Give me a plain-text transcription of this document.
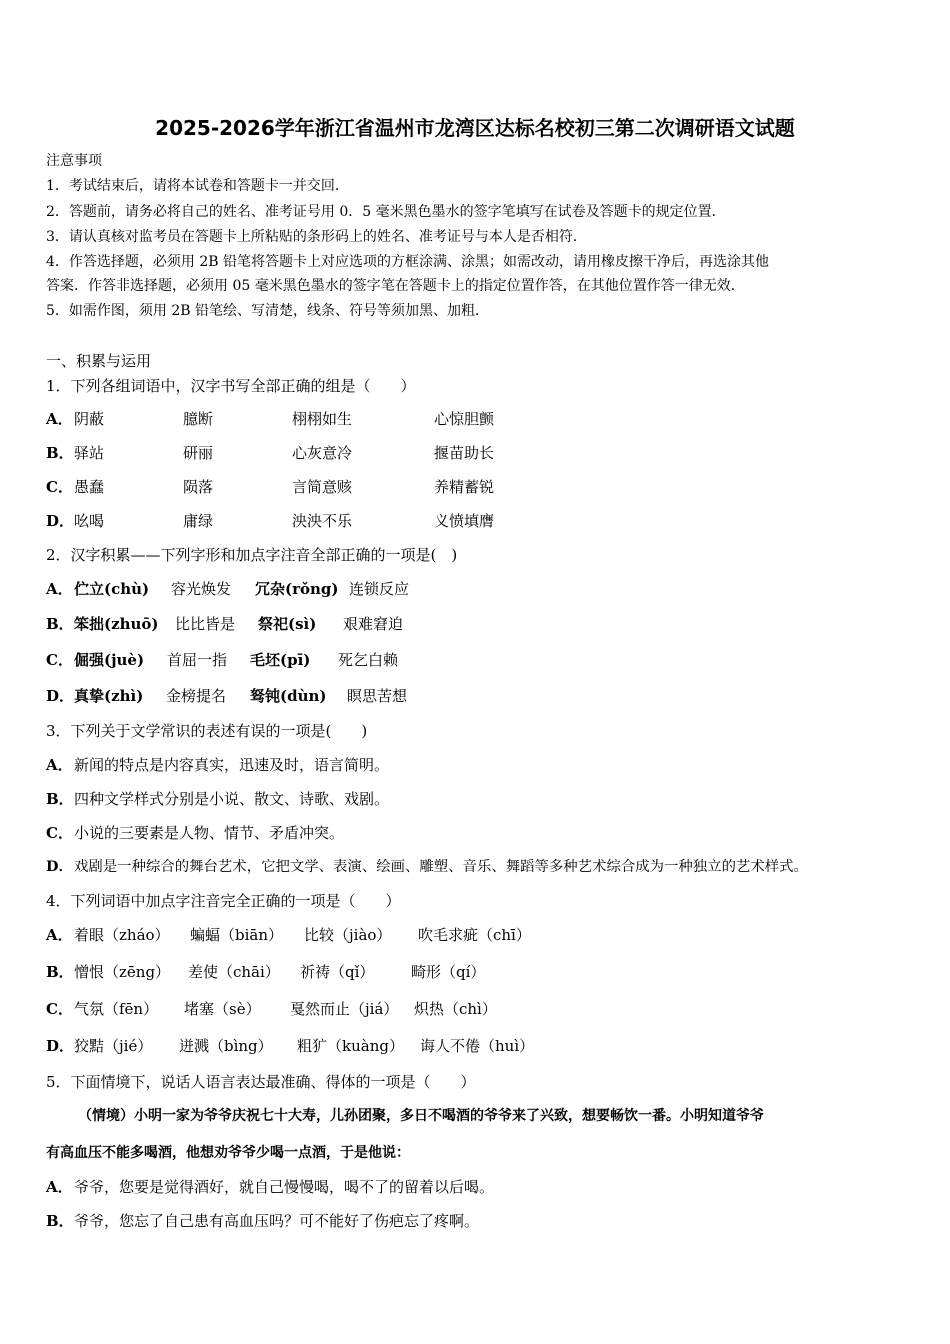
2025-2026学年浙江省温州市龙湾区达标名校初三第二次调研语文试题
注意事项
1．考试结束后，请将本试卷和答题卡一并交回．
2．答题前，请务必将自己的姓名、准考证号用 0．5 毫米黑色墨水的签字笔填写在试卷及答题卡的规定位置．
3．请认真核对监考员在答题卡上所粘贴的条形码上的姓名、准考证号与本人是否相符．
4．作答选择题，必须用 2B 铅笔将答题卡上对应选项的方框涂满、涂黑；如需改动，请用橡皮擦干净后，再选涂其他
答案．作答非选择题，必须用 05 毫米黑色墨水的签字笔在答题卡上的指定位置作答，在其他位置作答一律无效．
5．如需作图，须用 2B 铅笔绘、写清楚，线条、符号等须加黑、加粗．
一、积累与运用
1．下列各组词语中，汉字书写全部正确的组是（　　）
A． 阴蔽	臆断	栩栩如生	心惊胆颤
B． 驿站	研丽	心灰意冷	揠苗助长
C． 愚蠢	陨落	言简意赅	养精蓄锐
D． 吆喝	庸绿	泱泱不乐	义愤填膺
2．汉字积累——下列字形和加点字注音全部正确的一项是(　)
A． 伫立(chù) 容光焕发 冗杂(rǒng) 连锁反应
B． 笨拙(zhuō) 比比皆是 祭祀(sì) 艰难窘迫
C． 倔强(juè) 首屈一指 毛坯(pī) 死乞白赖
D． 真挚(zhì) 金榜提名 驽钝(dùn) 瞑思苦想
3．下列关于文学常识的表述有误的一项是(　　)
A．新闻的特点是内容真实，迅速及时，语言简明。
B．四种文学样式分别是小说、散文、诗歌、戏剧。
C．小说的三要素是人物、情节、矛盾冲突。
D．戏剧是一种综合的舞台艺术，它把文学、表演、绘画、雕塑、音乐、舞蹈等多种艺术综合成为一种独立的艺术样式。
4．下列词语中加点字注音完全正确的一项是（　　）
A． 着眼（zháo） 蝙蝠（biān） 比较（jiào） 吹毛求疵（chī）
B． 憎恨（zēng） 差使（chāi） 祈祷（qǐ） 畸形（qí）
C． 气氛（fēn） 堵塞（sè） 戛然而止（jiá） 炽热（chì）
D． 狡黠（jié） 迸溅（bìng） 粗犷（kuàng） 诲人不倦（huì）
5．下面情境下，说话人语言表达最准确、得体的一项是（　　）
（情境）小明一家为爷爷庆祝七十大寿，儿孙团聚，多日不喝酒的爷爷来了兴致，想要畅饮一番。小明知道爷爷
有高血压不能多喝酒，他想劝爷爷少喝一点酒，于是他说：
A．爷爷，您要是觉得酒好，就自己慢慢喝，喝不了的留着以后喝。
B．爷爷，您忘了自己患有高血压吗？可不能好了伤疤忘了疼啊。
